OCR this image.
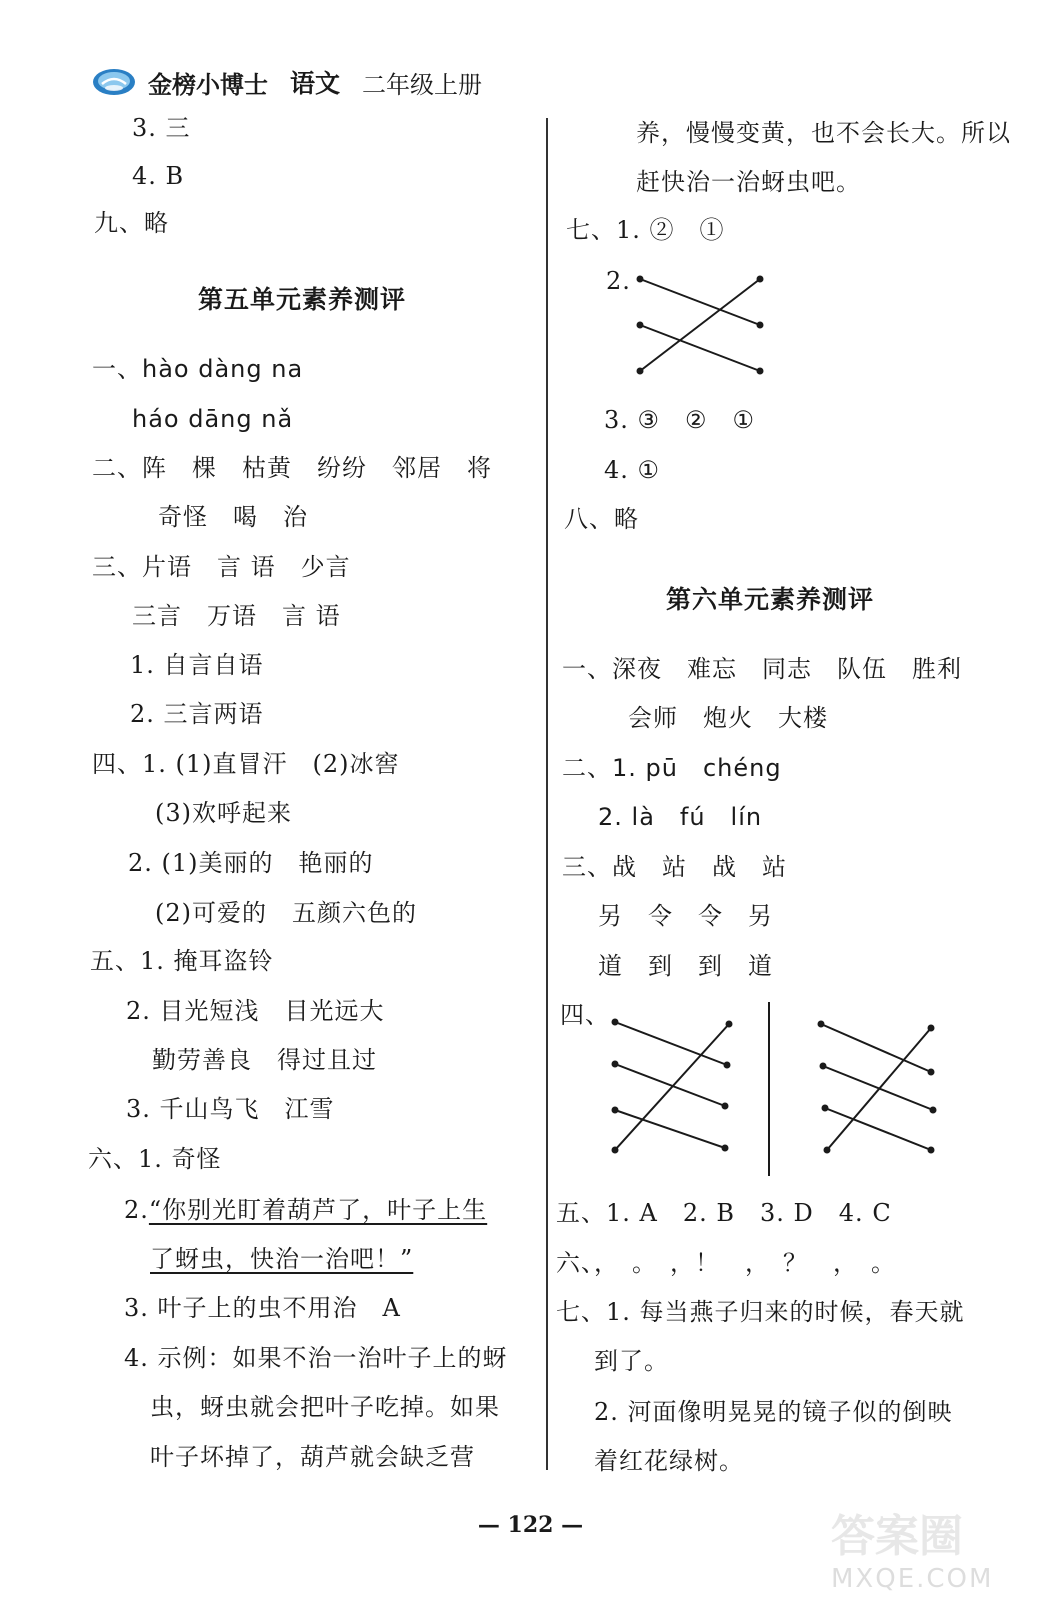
金榜小博士 语文 二年级上册
3. 三
4. B
九、略
第五单元素养测评
一、hào dàng na
háo dāng nǎ
二、阵　棵　枯黄　纷纷　邻居　将
奇怪　喝　治
三、片语　言 语　少言
三言　万语　言 语
1. 自言自语
2. 三言两语
四、1. (1)直冒汗　(2)冰窖
(3)欢呼起来
2. (1)美丽的　艳丽的
(2)可爱的　五颜六色的
五、1. 掩耳盗铃
2. 目光短浅　目光远大
勤劳善良　得过且过
3. 千山鸟飞　江雪
六、1. 奇怪
2.“你别光盯着葫芦了，叶子上生
了蚜虫，快治一治吧！”
3. 叶子上的虫不用治　A
4. 示例：如果不治一治叶子上的蚜
虫，蚜虫就会把叶子吃掉。如果
叶子坏掉了，葫芦就会缺乏营
养，慢慢变黄，也不会长大。所以
赶快治一治蚜虫吧。
七、1. ②　①
2.
3. ③　②　①
4. ①
八、略
第六单元素养测评
一、深夜　难忘　同志　队伍　胜利
会师　炮火　大楼
二、1. pū　chéng
2. là　fú　lín
三、战　站　战　站
另　令　令　另
道　到　到　道
四、
五、1. A　2. B　3. D　4. C
六、，　。　，！　，　？　，　。
七、1. 每当燕子归来的时候，春天就
到了。
2. 河面像明晃晃的镜子似的倒映
着红花绿树。
— 122 —	答案圈
MXQE.COM
